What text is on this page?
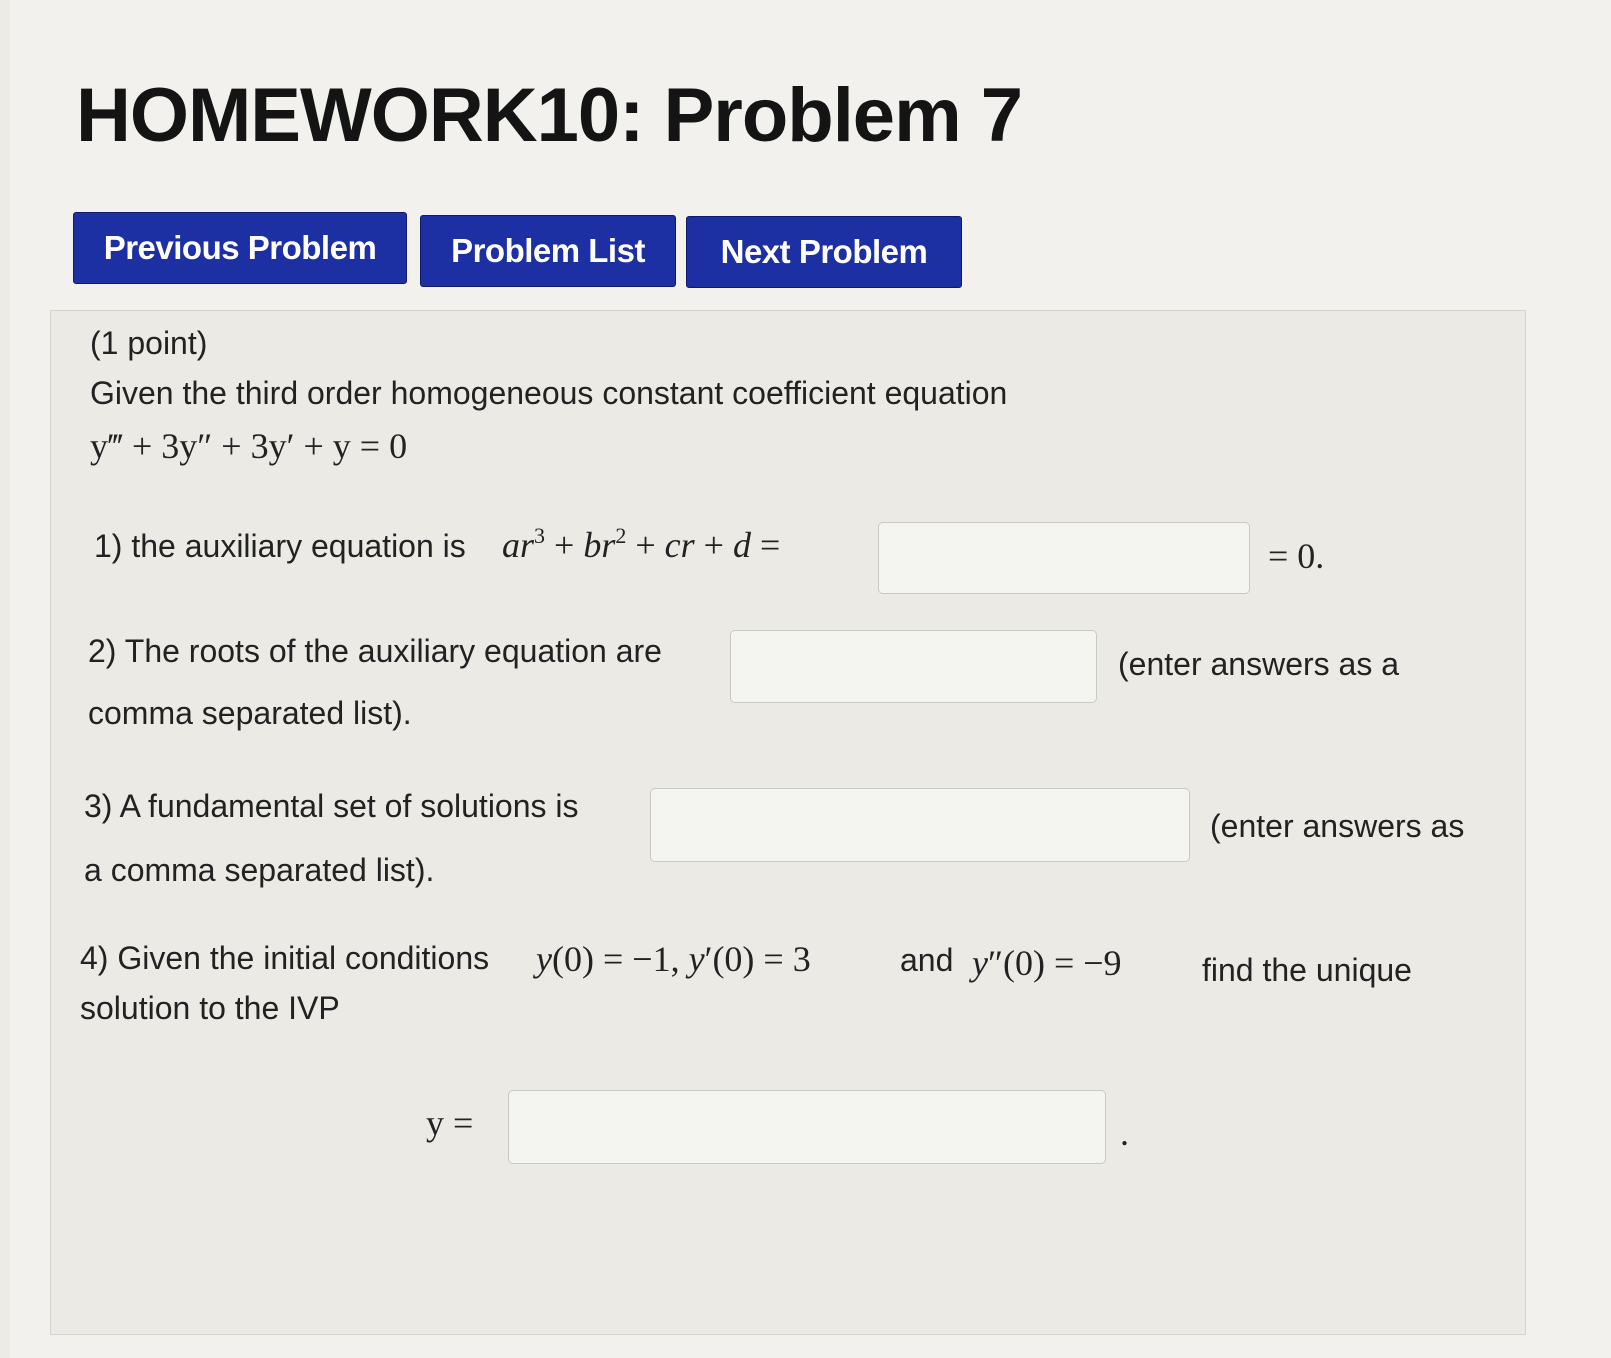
HOMEWORK10: Problem 7
Previous Problem	Problem List	Next Problem
(1 point)
Given the third order homogeneous constant coefficient equation
y‴ + 3y″ + 3y′ + y = 0
1) the auxiliary equation is $ar^3 + br^2$ + cr + d =	= 0.
2) The roots of the auxiliary equation are	(enter answers as a
comma separated list).
3) A fundamental set of solutions is
(enter answers as
a comma separated list).
4) Given the initial conditions y(0) = −1, y′(0) = 3	and y″(0) = −9	find the unique
solution to the IVP
y =	.
